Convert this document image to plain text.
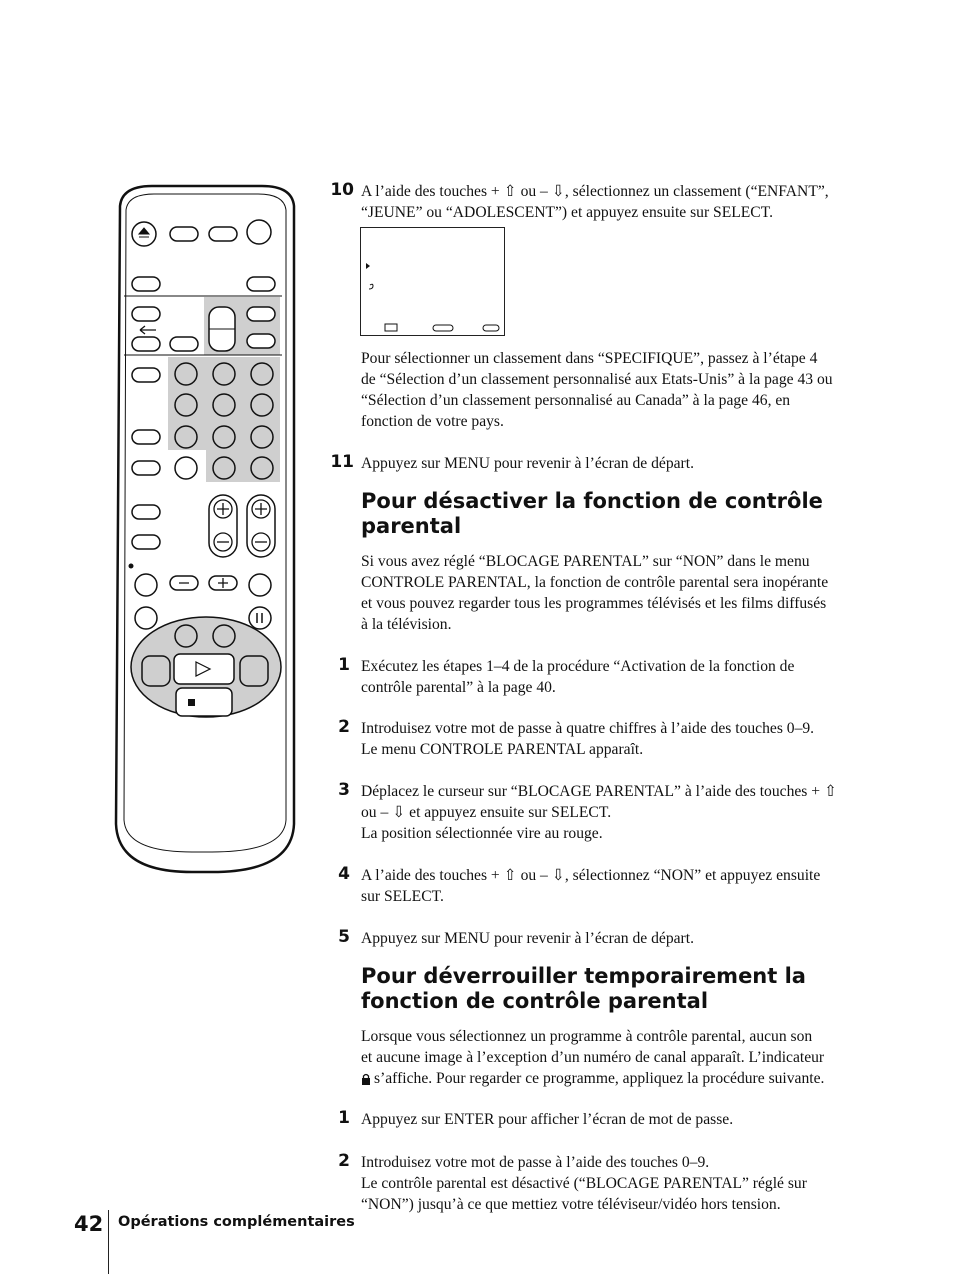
10 A l’aide des touches + ⇧ ou – ⇩, sélectionnez un classement (“ENFANT”,
“JEUNE” ou “ADOLESCENT”) et appuyez ensuite sur SELECT.
Pour sélectionner un classement dans “SPECIFIQUE”, passez à l’étape 4
de “Sélection d’un classement personnalisé aux Etats-Unis” à la page 43 ou
“Sélection d’un classement personnalisé au Canada” à la page 46, en
fonction de votre pays.
11 Appuyez sur MENU pour revenir à l’écran de départ.
Pour désactiver la fonction de contrôle
parental
Si vous avez réglé “BLOCAGE PARENTAL” sur “NON” dans le menu
CONTROLE PARENTAL, la fonction de contrôle parental sera inopérante
et vous pouvez regarder tous les programmes télévisés et les films diffusés
à la télévision.
1 Exécutez les étapes 1–4 de la procédure “Activation de la fonction de
contrôle parental” à la page 40.
2 Introduisez votre mot de passe à quatre chiffres à l’aide des touches 0–9.
Le menu CONTROLE PARENTAL apparaît.
3 Déplacez le curseur sur “BLOCAGE PARENTAL” à l’aide des touches + ⇧
ou – ⇩ et appuyez ensuite sur SELECT.
La position sélectionnée vire au rouge.
4 A l’aide des touches + ⇧ ou – ⇩, sélectionnez “NON” et appuyez ensuite
sur SELECT.
5 Appuyez sur MENU pour revenir à l’écran de départ.
Pour déverrouiller temporairement la
fonction de contrôle parental
Lorsque vous sélectionnez un programme à contrôle parental, aucun son
et aucune image à l’exception d’un numéro de canal apparaît. L’indicateur
s’affiche. Pour regarder ce programme, appliquez la procédure suivante.
1 Appuyez sur ENTER pour afficher l’écran de mot de passe.
2 Introduisez votre mot de passe à l’aide des touches 0–9.
Le contrôle parental est désactivé (“BLOCAGE PARENTAL” réglé sur
“NON”) jusqu’à ce que mettiez votre téléviseur/vidéo hors tension.
42 Opérations complémentaires
